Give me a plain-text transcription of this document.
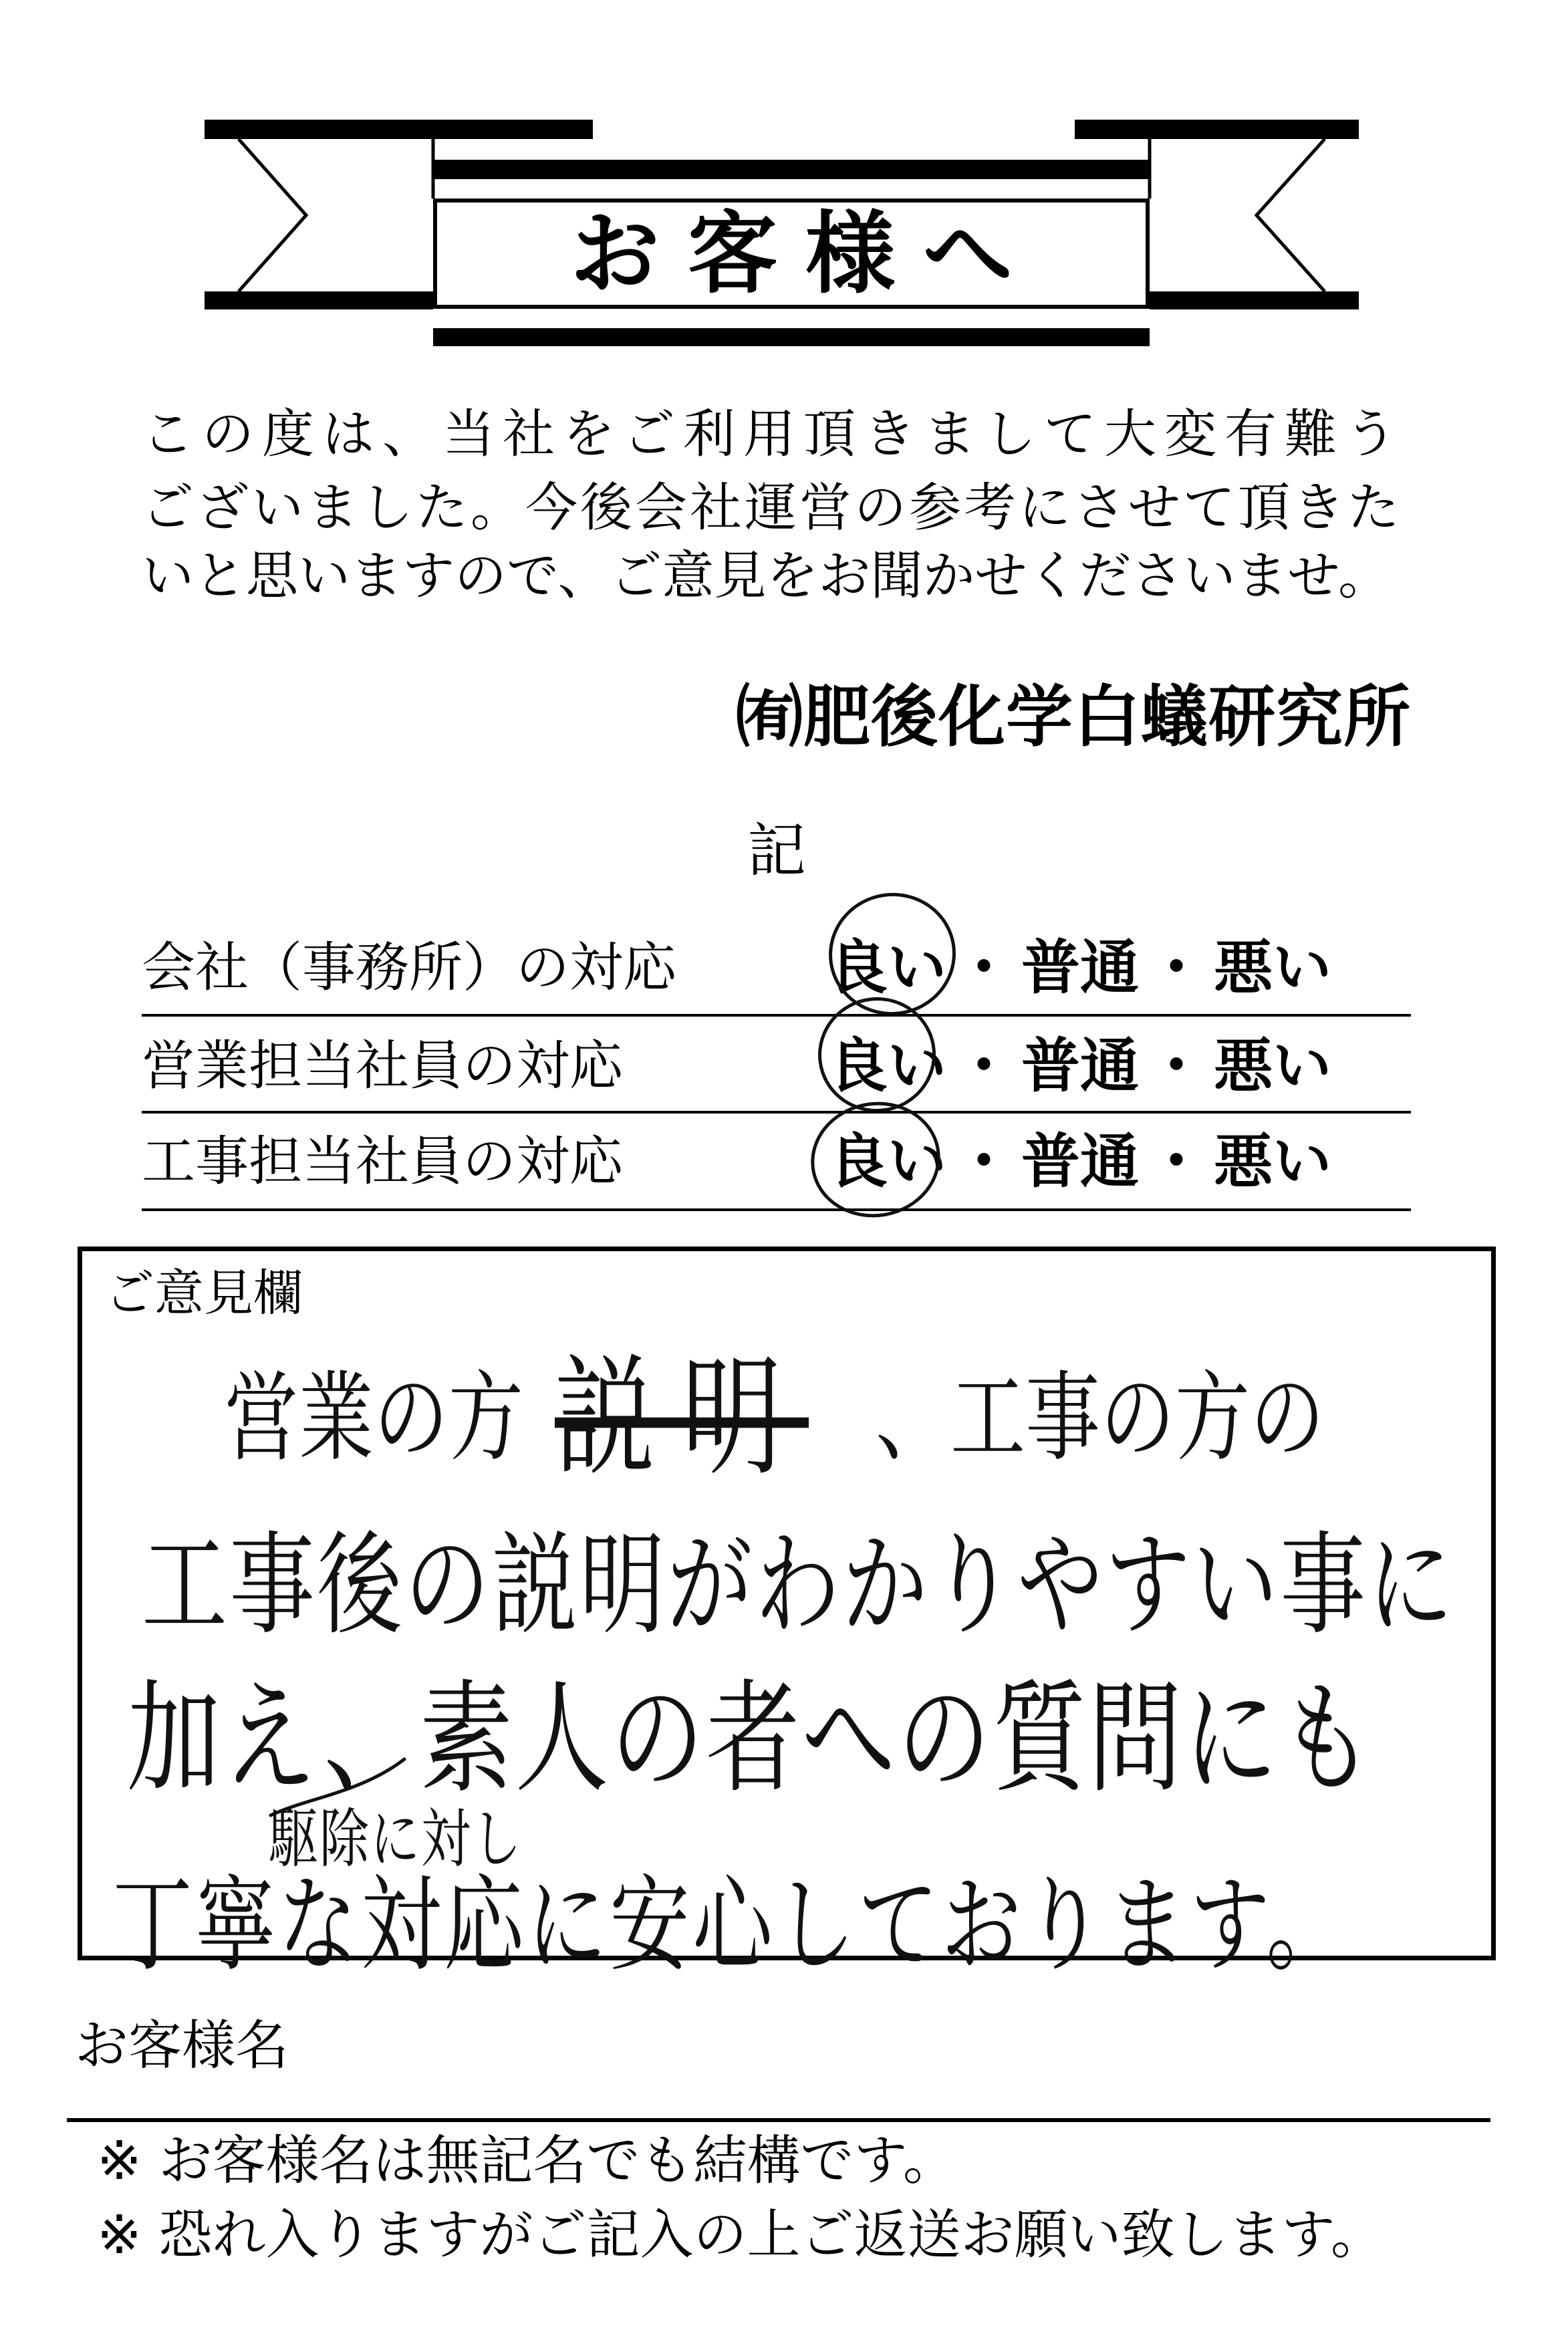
お客様へ
この度は、当社をご利用頂きまして大変有難う
ございました。今後会社運営の参考にさせて頂きた
いと思いますので、ご意見をお聞かせくださいませ。
㈲肥後化学白蟻研究所
記
会社（事務所）の対応	良い ・ 普通 ・ 悪い
営業担当社員の対応	良い ・ 普通 ・ 悪い
工事担当社員の対応	良い ・ 普通 ・ 悪い
ご意見欄
営業の方 説明 、工事の方の
工事後の説明がわかりやすい事に
加え、素人の者への質問にも
駆除に対し
丁寧な対応に安心しております。
お客様名
※ お客様名は無記名でも結構です。
※ 恐れ入りますがご記入の上ご返送お願い致します。
